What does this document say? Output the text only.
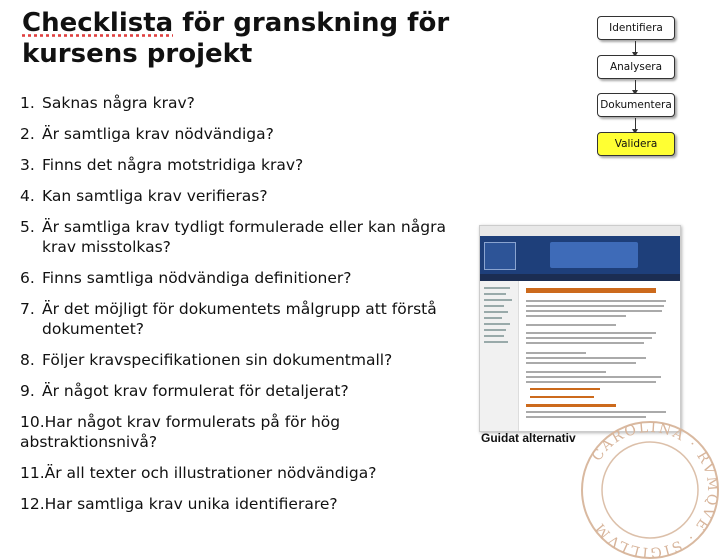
Checklista för granskning för kursens projekt
1. Saknas några krav?
2. Är samtliga krav nödvändiga?
3. Finns det några motstridiga krav?
4. Kan samtliga krav verifieras?
5. Är samtliga krav tydligt formulerade eller kan några krav misstolkas?
6. Finns samtliga nödvändiga definitioner?
7. Är det möjligt för dokumentets målgrupp att förstå dokumentet?
8. Följer kravspecifikationen sin dokumentmall?
9. Är något krav formulerat för detaljerat?
10.Har något krav formulerats på för hög abstraktionsnivå?
11.Är all texter och illustrationer nödvändiga?
12.Har samtliga krav unika identifierare?
Identifiera
Analysera
Dokumentera
Validera
Guidat alternativ
CAROLINA · RVMQVE · SIGILLVM
